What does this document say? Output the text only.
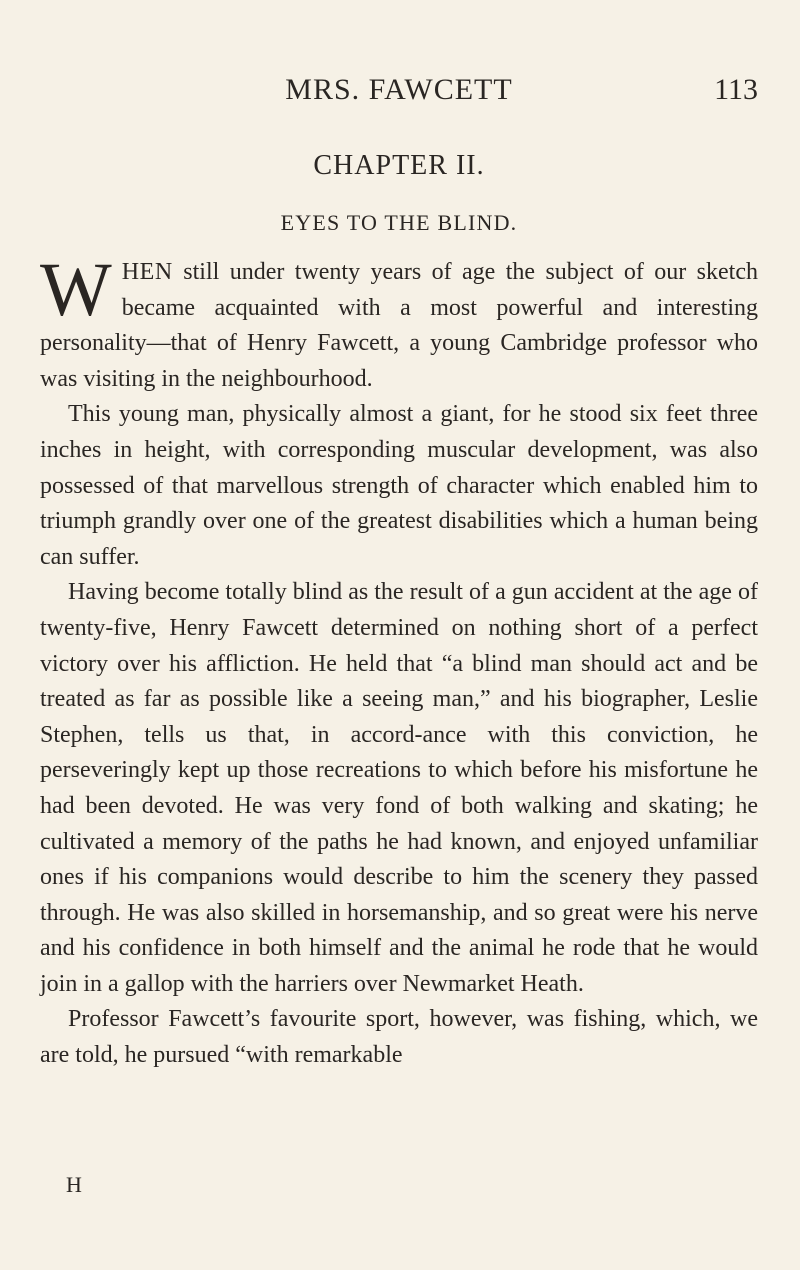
MRS. FAWCETT	113
CHAPTER II.
EYES TO THE BLIND.

WHEN still under twenty years of age the subject of our sketch became acquainted with a most powerful and interesting personality—that of Henry Fawcett, a young Cambridge professor who was visiting in the neighbourhood.

This young man, physically almost a giant, for he stood six feet three inches in height, with corresponding muscular development, was also possessed of that marvellous strength of character which enabled him to triumph grandly over one of the greatest disabilities which a human being can suffer.

Having become totally blind as the result of a gun accident at the age of twenty-five, Henry Fawcett determined on nothing short of a perfect victory over his affliction. He held that “a blind man should act and be treated as far as possible like a seeing man,” and his biographer, Leslie Stephen, tells us that, in accord-ance with this conviction, he perseveringly kept up those recreations to which before his misfortune he had been devoted. He was very fond of both walking and skating; he cultivated a memory of the paths he had known, and enjoyed unfamiliar ones if his companions would describe to him the scenery they passed through. He was also skilled in horsemanship, and so great were his nerve and his confidence in both himself and the animal he rode that he would join in a gallop with the harriers over Newmarket Heath.

Professor Fawcett’s favourite sport, however, was fishing, which, we are told, he pursued “with remarkable

H
